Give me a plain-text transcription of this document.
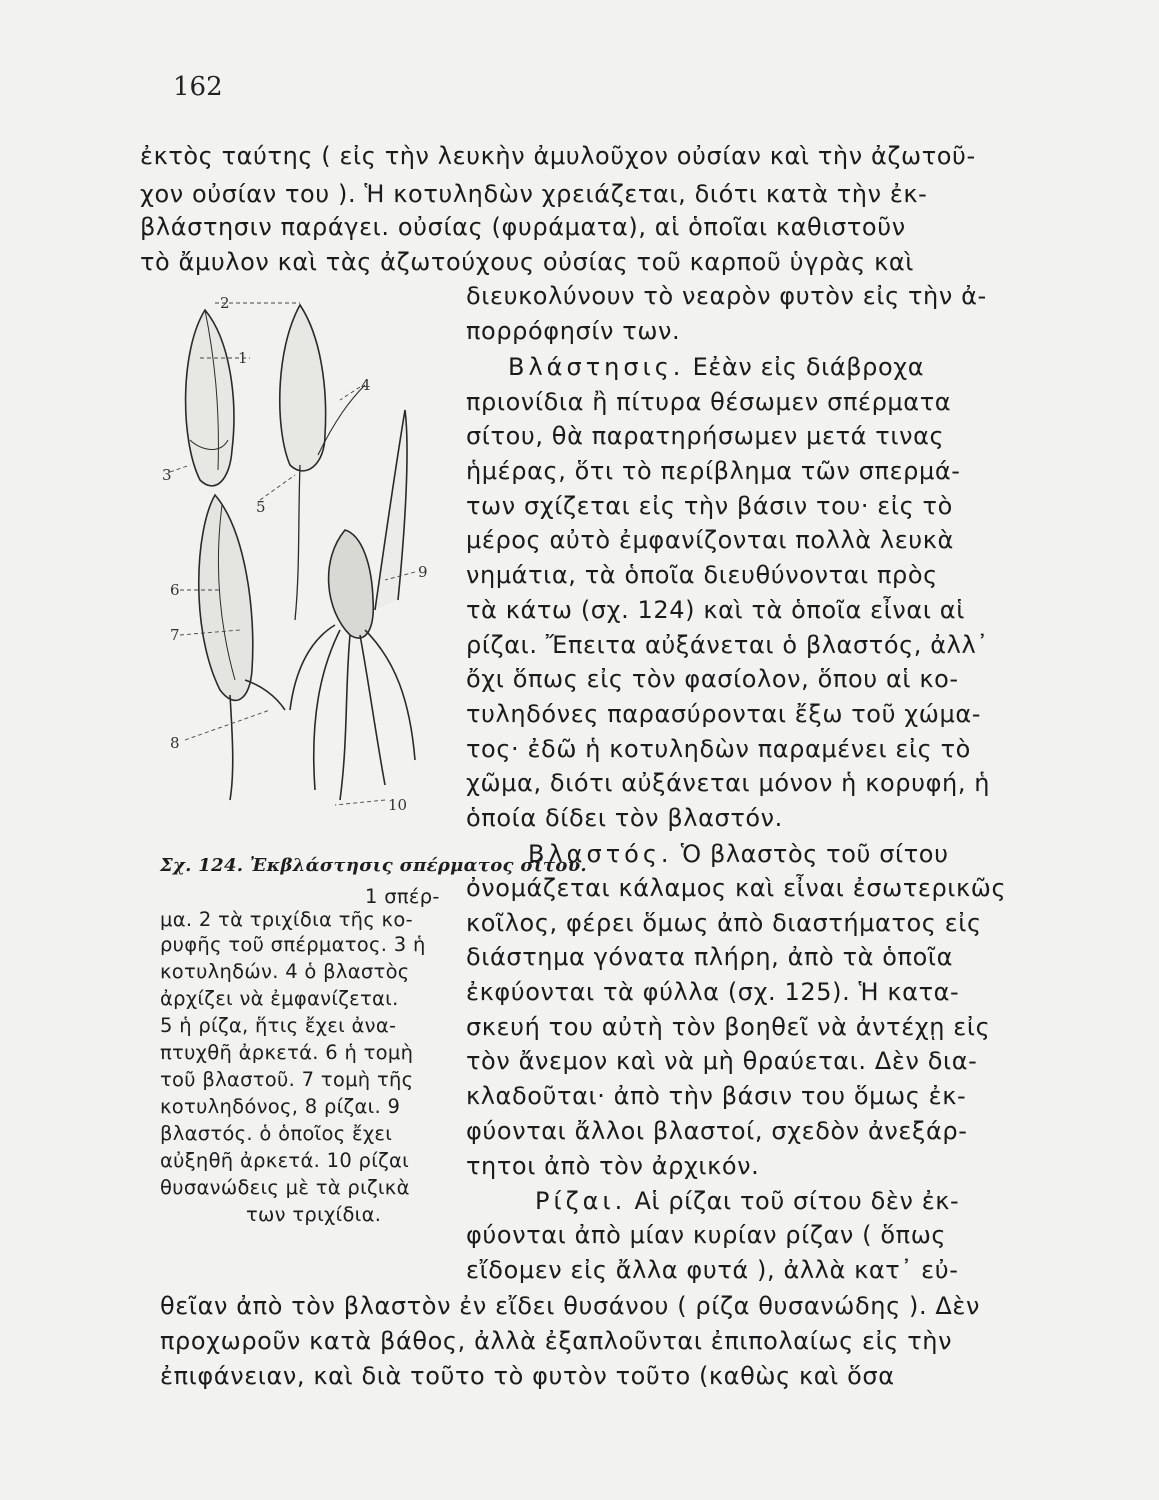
162
ἐκτὸς ταύτης ( εἰς τὴν λευκὴν ἀμυλοῦχον οὐσίαν καὶ τὴν ἀζωτοῦ-
χον οὐσίαν του ). Ἡ κοτυληδὼν χρειάζεται, διότι κατὰ τὴν ἐκ-
βλάστησιν παράγει. οὐσίας (φυράματα), αἱ ὁποῖαι καθιστοῦν
τὸ ἄμυλον καὶ τὰς ἀζωτούχους οὐσίας τοῦ καρποῦ ὑγρὰς καὶ
διευκολύνουν τὸ νεαρὸν φυτὸν εἰς τὴν ἀ-
πορρόφησίν των.
Βλάστησις. Εἐὰν εἰς διάβροχα
πριονίδια ἢ πίτυρα θέσωμεν σπέρματα
σίτου, θὰ παρατηρήσωμεν μετά τινας
ἡμέρας, ὅτι τὸ περίβλημα τῶν σπερμά-
των σχίζεται εἰς τὴν βάσιν του· εἰς τὸ
μέρος αὐτὸ ἐμφανίζονται πολλὰ λευκὰ
νημάτια, τὰ ὁποῖα διευθύνονται πρὸς
τὰ κάτω (σχ. 124) καὶ τὰ ὁποῖα εἶναι αἱ
ρίζαι. Ἔπειτα αὐξάνεται ὁ βλαστός, ἀλλ᾽
ὄχι ὅπως εἰς τὸν φασίολον, ὅπου αἱ κο-
τυληδόνες παρασύρονται ἔξω τοῦ χώμα-
τος· ἐδῶ ἡ κοτυληδὼν παραμένει εἰς τὸ
χῶμα, διότι αὐξάνεται μόνον ἡ κορυφή, ἡ
ὁποία δίδει τὸν βλαστόν.
Βλαστός. Ὁ βλαστὸς τοῦ σίτου
ὀνομάζεται κάλαμος καὶ εἶναι ἐσωτερικῶς
κοῖλος, φέρει ὅμως ἀπὸ διαστήματος εἰς
διάστημα γόνατα πλήρη, ἀπὸ τὰ ὁποῖα
ἐκφύονται τὰ φύλλα (σχ. 125). Ἡ κατα-
σκευή του αὐτὴ τὸν βοηθεῖ νὰ ἀντέχῃ εἰς
τὸν ἄνεμον καὶ νὰ μὴ θραύεται. Δὲν δια-
κλαδοῦται· ἀπὸ τὴν βάσιν του ὅμως ἐκ-
φύονται ἄλλοι βλαστοί, σχεδὸν ἀνεξάρ-
τητοι ἀπὸ τὸν ἀρχικόν.
Ρίζαι. Αἱ ρίζαι τοῦ σίτου δὲν ἐκ-
φύονται ἀπὸ μίαν κυρίαν ρίζαν ( ὅπως
εἴδομεν εἰς ἄλλα φυτά ), ἀλλὰ κατ᾽ εὐ-
θεῖαν ἀπὸ τὸν βλαστὸν ἐν εἴδει θυσάνου ( ρίζα θυσανώδης ). Δὲν
προχωροῦν κατὰ βάθος, ἀλλὰ ἐξαπλοῦνται ἐπιπολαίως εἰς τὴν
ἐπιφάνειαν, καὶ διὰ τοῦτο τὸ φυτὸν τοῦτο (καθὼς καὶ ὅσα
Σχ. 124. Ἐκβλάστησις σπέρματος σίτου.
1 σπέρ-
μα. 2 τὰ τριχίδια τῆς κο-
ρυφῆς τοῦ σπέρματος. 3 ἡ
κοτυληδών. 4 ὁ βλαστὸς
ἀρχίζει νὰ ἐμφανίζεται.
5 ἡ ρίζα, ἥτις ἔχει ἀνα-
πτυχθῆ ἀρκετά. 6 ἡ τομὴ
τοῦ βλαστοῦ. 7 τομὴ τῆς
κοτυληδόνος, 8 ρίζαι. 9
βλαστός. ὁ ὁποῖος ἔχει
αὐξηθῆ ἀρκετά. 10 ρίζαι
θυσανώδεις μὲ τὰ ριζικὰ
των τριχίδια.
2
1
3
4
5
6
7
8
9
10
